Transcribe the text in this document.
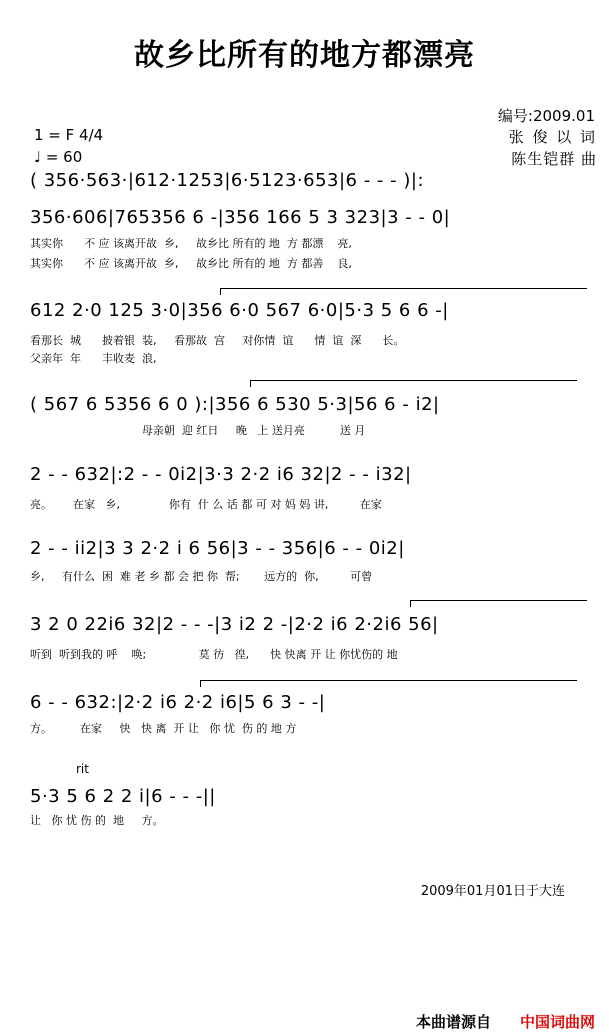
故乡比所有的地方都漂亮
编号:2009.01
1 = F 4/4	张 俊 以 词
♩ = 60	陈生铠群 曲
( 356·563·|612·1253|6·5123·653|6 - - - )|:
356·606|765356 6 -|356 166 5 3 323|3 - - 0|
其实你      不 应 该离开故  乡,     故乡比 所有的 地  方 都漂    亮,
其实你      不 应 该离开故  乡,     故乡比 所有的 地  方 都善    良,
612 2·0 125 3·0|356 6·0 567 6·0|5·3 5 6 6 -|
看那长  城      披着银  装,     看那故  宫     对你情  谊      情  谊  深      长。
父亲年  年      丰收麦  浪,
( 567 6 5356 6 0 ):|356 6 530 5·3|56 6 - i2|
母亲朝  迎 红日     晚   上 送月亮          送 月
2 - - 632|:2 - - 0i2|3·3 2·2 i6 32|2 - - i32|
亮。      在家   乡,              你有  什 么 话 都 可 对 妈 妈 讲,         在家
2 - - ii2|3 3 2·2 i 6 56|3 - - 356|6 - - 0i2|
乡,     有什么  困  难 老 乡 都 会 把 你  帮;       远方的  你,         可曾
3 2 0 22i6 32|2 - - -|3 i2 2 -|2·2 i6 2·2i6 56|
听到  听到我的 呼    唤;               莫 彷   徨,      快 快离 开 让 你忧伤的 地
6 - - 632:|2·2 i6 2·2 i6|5 6 3 - -|
方。        在家     快   快 离  开 让   你 忧  伤 的 地 方
rit
5·3 5 6 2 2 i|6 - - -||
让   你 忧 伤 的  地     方。
2009年01月01日于大连
本曲谱源自 中国词曲网
